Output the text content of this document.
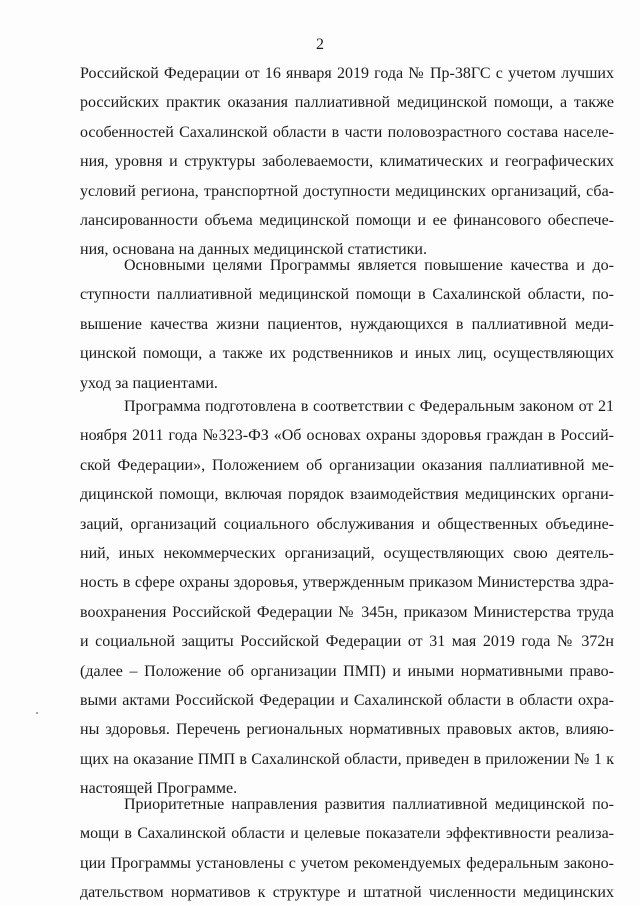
2
Российской Федерации от 16 января 2019 года № Пр-38ГС с учетом лучших
российских практик оказания паллиативной медицинской помощи, а также
особенностей Сахалинской области в части половозрастного состава населе-
ния, уровня и структуры заболеваемости, климатических и географических
условий региона, транспортной доступности медицинских организаций, сба-
лансированности объема медицинской помощи и ее финансового обеспече-
ния, основана на данных медицинской статистики.
Основными целями Программы является повышение качества и до-
ступности паллиативной медицинской помощи в Сахалинской области, по-
вышение качества жизни пациентов, нуждающихся в паллиативной меди-
цинской помощи, а также их родственников и иных лиц, осуществляющих
уход за пациентами.
Программа подготовлена в соответствии с Федеральным законом от 21
ноября 2011 года №323-ФЗ «Об основах охраны здоровья граждан в Россий-
ской Федерации», Положением об организации оказания паллиативной ме-
дицинской помощи, включая порядок взаимодействия медицинских органи-
заций, организаций социального обслуживания и общественных объедине-
ний, иных некоммерческих организаций, осуществляющих свою деятель-
ность в сфере охраны здоровья, утвержденным приказом Министерства здра-
воохранения Российской Федерации № 345н, приказом Министерства труда
и социальной защиты Российской Федерации от 31 мая 2019 года № 372н
(далее – Положение об организации ПМП) и иными нормативными право-
выми актами Российской Федерации и Сахалинской области в области охра-
ны здоровья. Перечень региональных нормативных правовых актов, влияю-
щих на оказание ПМП в Сахалинской области, приведен в приложении № 1 к
настоящей Программе.
Приоритетные направления развития паллиативной медицинской по-
мощи в Сахалинской области и целевые показатели эффективности реализа-
ции Программы установлены с учетом рекомендуемых федеральным законо-
дательством нормативов к структуре и штатной численности медицинских
